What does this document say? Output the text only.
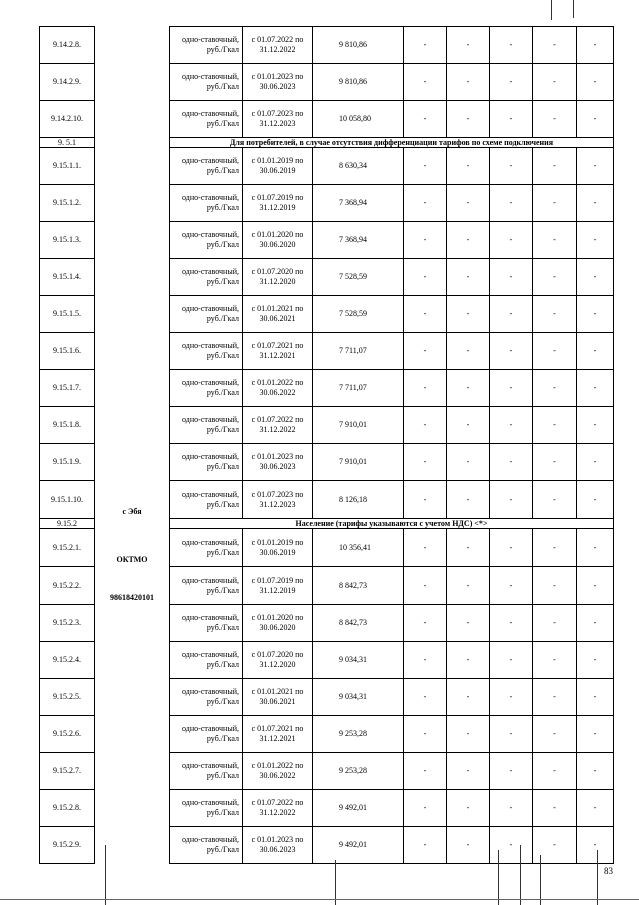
9.14.2.8.		одно-ставочный, руб./Гкал	с 01.07.2022 по 31.12.2022	9 810,86	-	-	-	-	-
9.14.2.9.		одно-ставочный, руб./Гкал	с 01.01.2023 по 30.06.2023	9 810,86	-	-	-	-	-
9.14.2.10.		одно-ставочный, руб./Гкал	с 01.07.2023 по 31.12.2023	10 058,80	-	-	-	-	-
9. 5.1		Для потребителей, в случае отсутствия дифференциации тарифов по схеме подключения							
9.15.1.1.		одно-ставочный, руб./Гкал	с 01.01.2019 по 30.06.2019	8 630,34	-	-	-	-	-
9.15.1.2.		одно-ставочный, руб./Гкал	с 01.07.2019 по 31.12.2019	7 368,94	-	-	-	-	-
9.15.1.3.		одно-ставочный, руб./Гкал	с 01.01.2020 по 30.06.2020	7 368,94	-	-	-	-	-
9.15.1.4.		одно-ставочный, руб./Гкал	с 01.07.2020 по 31.12.2020	7 528,59	-	-	-	-	-
9.15.1.5.		одно-ставочный, руб./Гкал	с 01.01.2021 по 30.06.2021	7 528,59	-	-	-	-	-
9.15.1.6.		одно-ставочный, руб./Гкал	с 01.07.2021 по 31.12.2021	7 711,07	-	-	-	-	-
9.15.1.7.		одно-ставочный, руб./Гкал	с 01.01.2022 по 30.06.2022	7 711,07	-	-	-	-	-
9.15.1.8.		одно-ставочный, руб./Гкал	с 01.07.2022 по 31.12.2022	7 910,01	-	-	-	-	-
9.15.1.9.		одно-ставочный, руб./Гкал	с 01.01.2023 по 30.06.2023	7 910,01	-	-	-	-	-
9.15.1.10.	с Эбя	одно-ставочный, руб./Гкал	с 01.07.2023 по 31.12.2023	8 126,18	-	-	-	-	-
9.15.2		Население (тарифы указываются с учетом НДС) <*>							
9.15.2.1.	ОКТМО	одно-ставочный, руб./Гкал	с 01.01.2019 по 30.06.2019	10 356,41	-	-	-	-	-
9.15.2.2.	98618420101	одно-ставочный, руб./Гкал	с 01.07.2019 по 31.12.2019	8 842,73	-	-	-	-	-
9.15.2.3.		одно-ставочный, руб./Гкал	с 01.01.2020 по 30.06.2020	8 842,73	-	-	-	-	-
9.15.2.4.		одно-ставочный, руб./Гкал	с 01.07.2020 по 31.12.2020	9 034,31	-	-	-	-	-
9.15.2.5.		одно-ставочный, руб./Гкал	с 01.01.2021 по 30.06.2021	9 034,31	-	-	-	-	-
9.15.2.6.		одно-ставочный, руб./Гкал	с 01.07.2021 по 31.12.2021	9 253,28	-	-	-	-	-
9.15.2.7.		одно-ставочный, руб./Гкал	с 01.01.2022 по 30.06.2022	9 253,28	-	-	-	-	-
9.15.2.8.		одно-ставочный, руб./Гкал	с 01.07.2022 по 31.12.2022	9 492,01	-	-	-	-	-
9.15.2.9.		одно-ставочный, руб./Гкал	с 01.01.2023 по 30.06.2023	9 492,01	-	-	-	-	-
83
